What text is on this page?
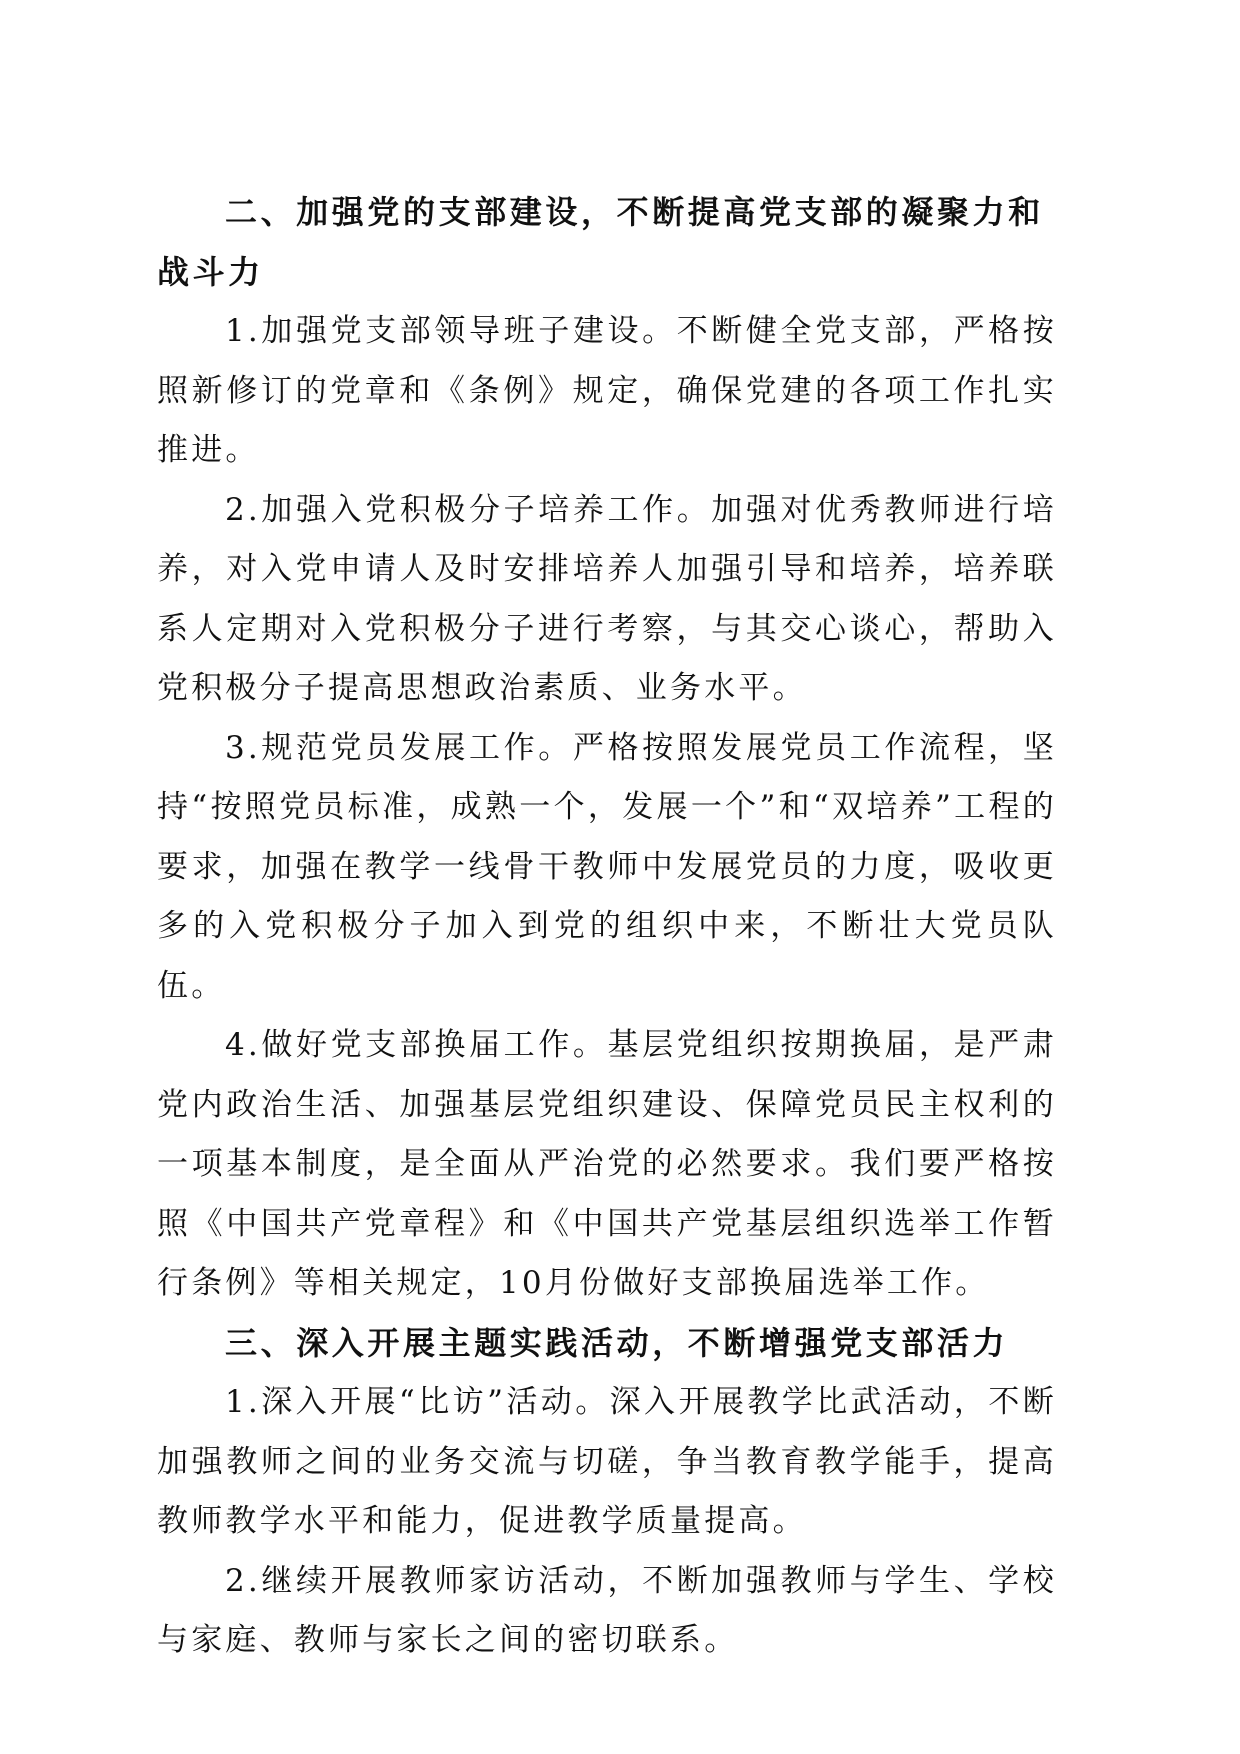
二、加强党的支部建设，不断提高党支部的凝聚力和战斗力

1.加强党支部领导班子建设。不断健全党支部，严格按照新修订的党章和《条例》规定，确保党建的各项工作扎实推进。

2.加强入党积极分子培养工作。加强对优秀教师进行培养，对入党申请人及时安排培养人加强引导和培养，培养联系人定期对入党积极分子进行考察，与其交心谈心，帮助入党积极分子提高思想政治素质、业务水平。

3.规范党员发展工作。严格按照发展党员工作流程，坚持“按照党员标准，成熟一个，发展一个”和“双培养”工程的要求，加强在教学一线骨干教师中发展党员的力度，吸收更多的入党积极分子加入到党的组织中来，不断壮大党员队伍。

4.做好党支部换届工作。基层党组织按期换届，是严肃党内政治生活、加强基层党组织建设、保障党员民主权利的一项基本制度，是全面从严治党的必然要求。我们要严格按照《中国共产党章程》和《中国共产党基层组织选举工作暂行条例》等相关规定，10月份做好支部换届选举工作。

三、深入开展主题实践活动，不断增强党支部活力

1.深入开展“比访”活动。深入开展教学比武活动，不断加强教师之间的业务交流与切磋，争当教育教学能手，提高教师教学水平和能力，促进教学质量提高。

2.继续开展教师家访活动，不断加强教师与学生、学校与家庭、教师与家长之间的密切联系。
